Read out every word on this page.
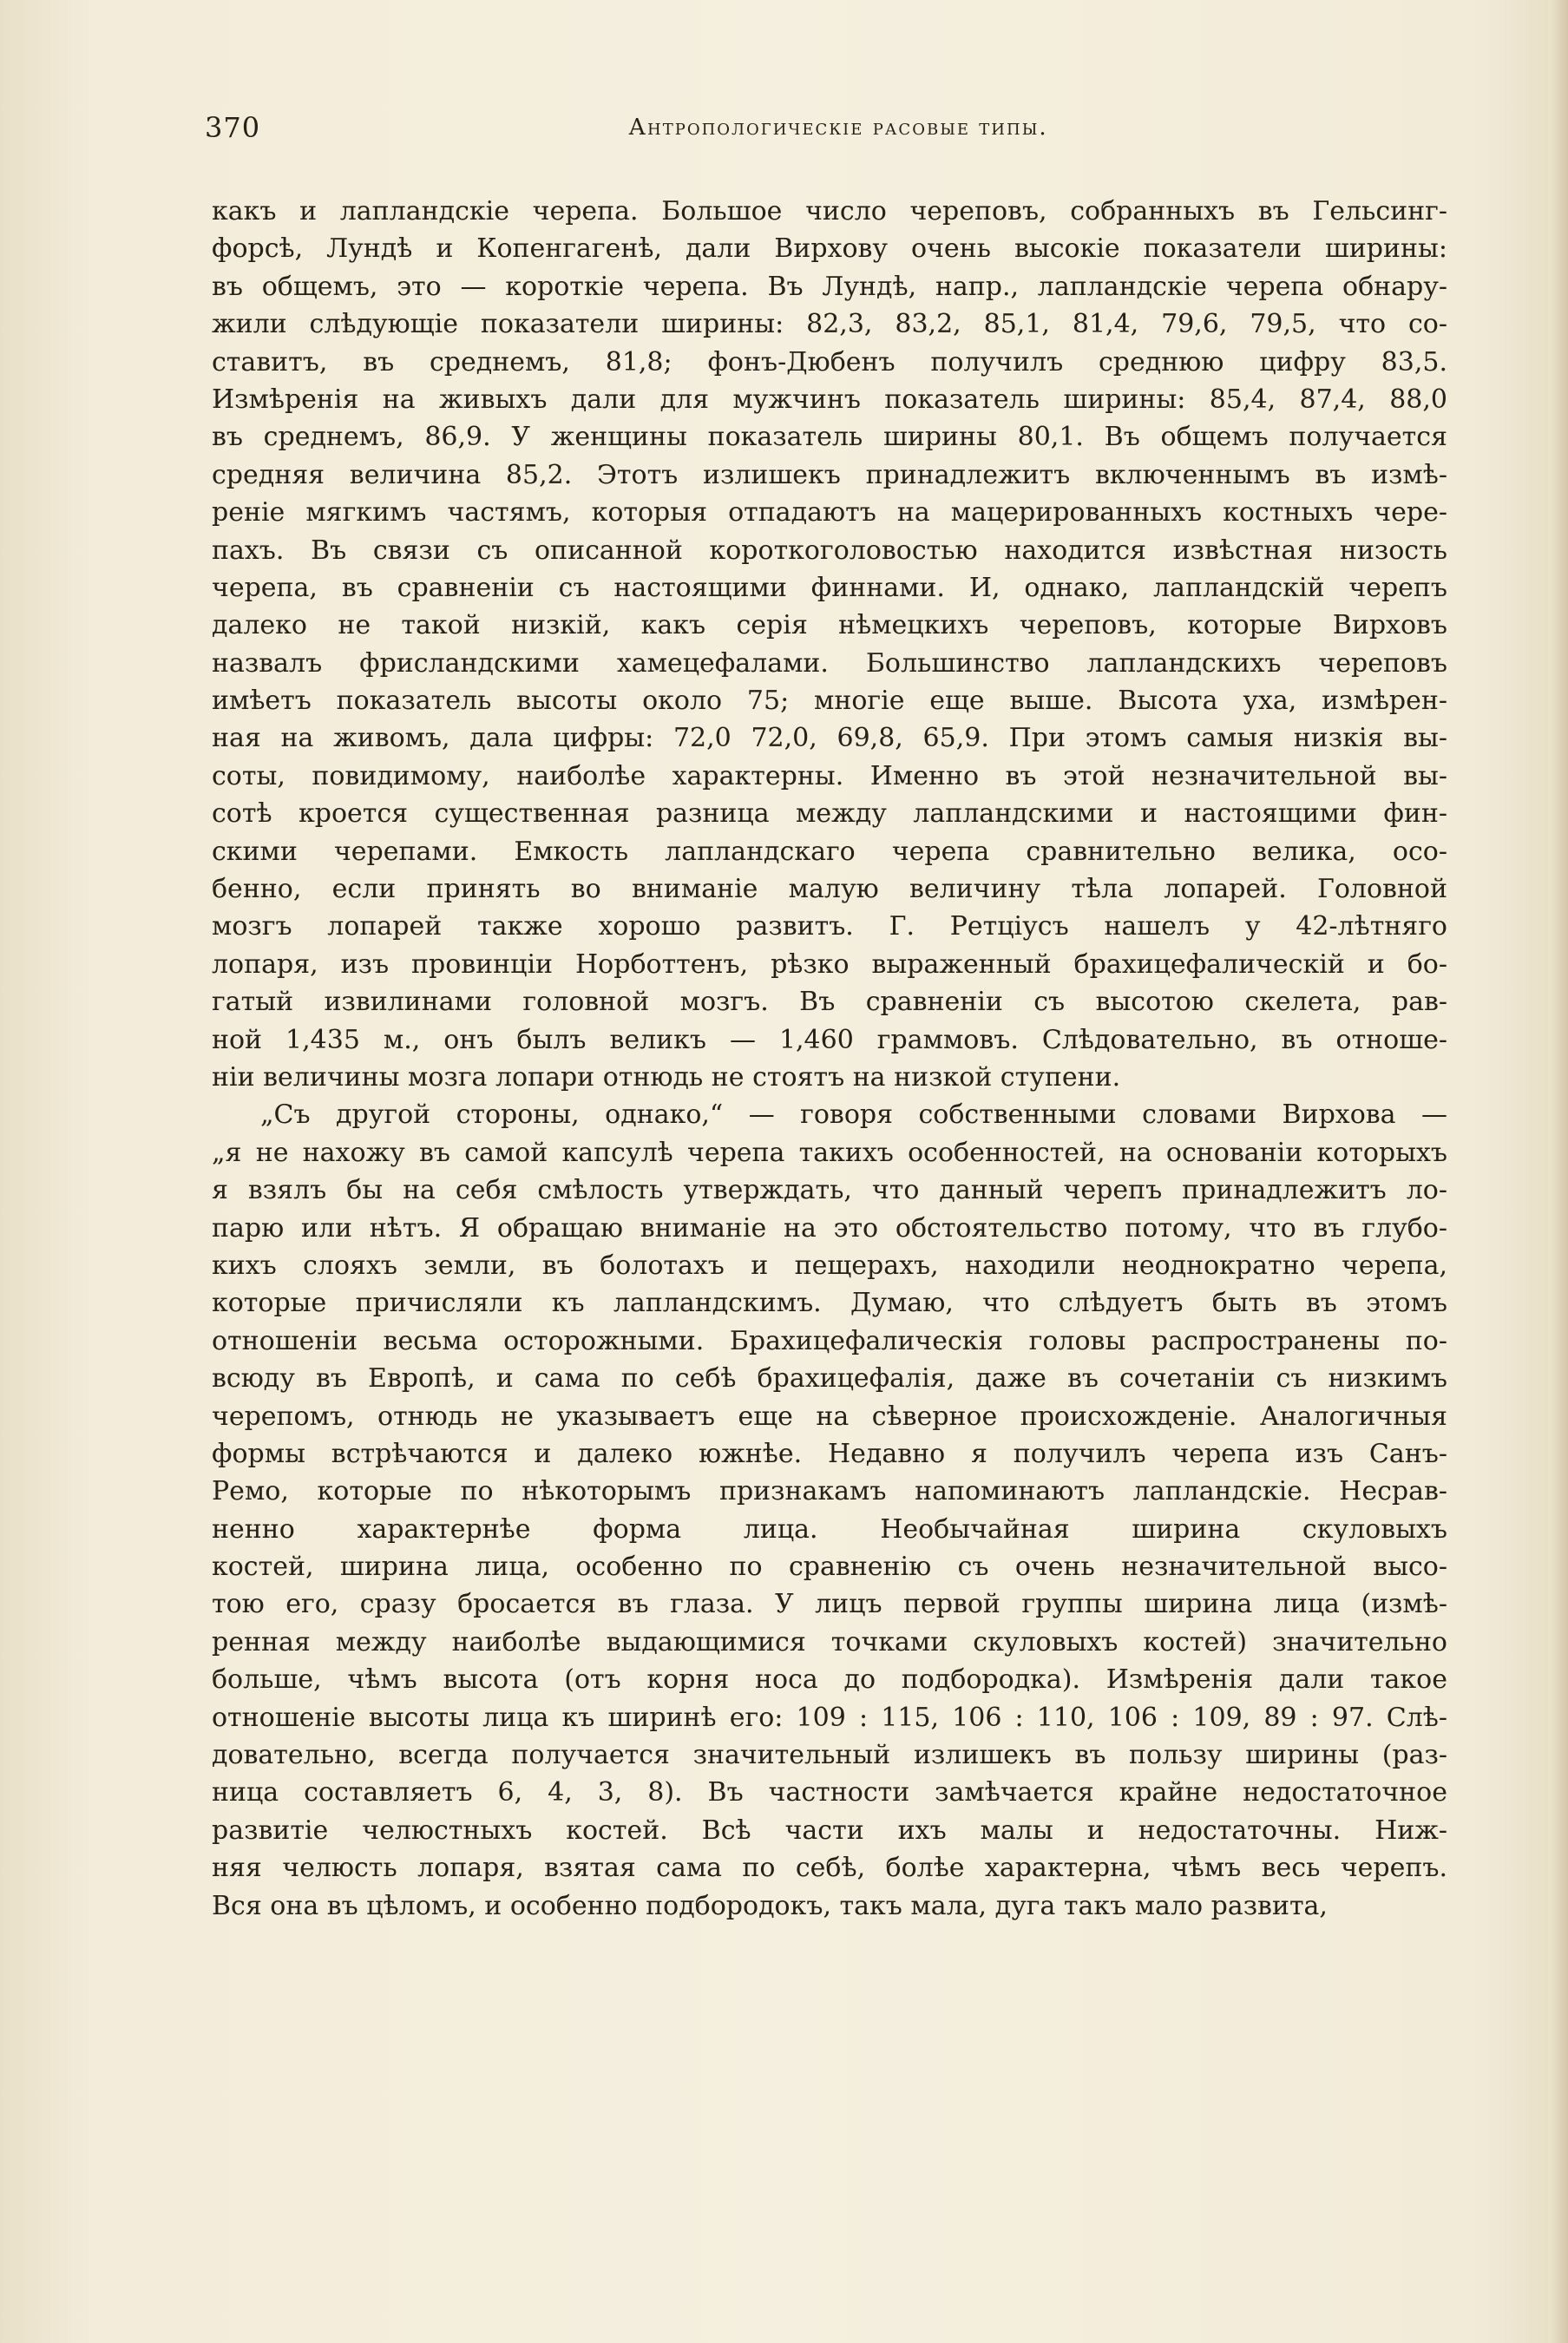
370	Антропологическіе расовые типы.
какъ и лапландскіе черепа. Большое число череповъ, собранныхъ въ Гельсинг-
форсѣ, Лундѣ и Копенгагенѣ, дали Вирхову очень высокіе показатели ширины:
въ общемъ, это — короткіе черепа. Въ Лундѣ, напр., лапландскіе черепа обнару-
жили слѣдующіе показатели ширины: 82,3, 83,2, 85,1, 81,4, 79,6, 79,5, что со-
ставитъ, въ среднемъ, 81,8; фонъ-Дюбенъ получилъ среднюю цифру 83,5.
Измѣренія на живыхъ дали для мужчинъ показатель ширины: 85,4, 87,4, 88,0
въ среднемъ, 86,9. У женщины показатель ширины 80,1. Въ общемъ получается
средняя величина 85,2. Этотъ излишекъ принадлежитъ включеннымъ въ измѣ-
реніе мягкимъ частямъ, которыя отпадаютъ на мацерированныхъ костныхъ чере-
пахъ. Въ связи съ описанной короткоголовостью находится извѣстная низость
черепа, въ сравненіи съ настоящими финнами. И, однако, лапландскій черепъ
далеко не такой низкій, какъ серія нѣмецкихъ череповъ, которые Вирховъ
назвалъ фрисландскими хамецефалами. Большинство лапландскихъ череповъ
имѣетъ показатель высоты около 75; многіе еще выше. Высота уха, измѣрен-
ная на живомъ, дала цифры: 72,0 72,0, 69,8, 65,9. При этомъ самыя низкія вы-
соты, повидимому, наиболѣе характерны. Именно въ этой незначительной вы-
сотѣ кроется существенная разница между лапландскими и настоящими фин-
скими черепами. Емкость лапландскаго черепа сравнительно велика, осо-
бенно, если принять во вниманіе малую величину тѣла лопарей. Головной
мозгъ лопарей также хорошо развитъ. Г. Ретціусъ нашелъ у 42-лѣтняго
лопаря, изъ провинціи Норботтенъ, рѣзко выраженный брахицефалическій и бо-
гатый извилинами головной мозгъ. Въ сравненіи съ высотою скелета, рав-
ной 1,435 м., онъ былъ великъ — 1,460 граммовъ. Слѣдовательно, въ отноше-
ніи величины мозга лопари отнюдь не стоятъ на низкой ступени.
„Съ другой стороны, однако,“ — говоря собственными словами Вирхова —
„я не нахожу въ самой капсулѣ черепа такихъ особенностей, на основаніи которыхъ
я взялъ бы на себя смѣлость утверждать, что данный черепъ принадлежитъ ло-
парю или нѣтъ. Я обращаю вниманіе на это обстоятельство потому, что въ глубо-
кихъ слояхъ земли, въ болотахъ и пещерахъ, находили неоднократно черепа,
которые причисляли къ лапландскимъ. Думаю, что слѣдуетъ быть въ этомъ
отношеніи весьма осторожными. Брахицефалическія головы распространены по-
всюду въ Европѣ, и сама по себѣ брахицефалія, даже въ сочетаніи съ низкимъ
черепомъ, отнюдь не указываетъ еще на сѣверное происхожденіе. Аналогичныя
формы встрѣчаются и далеко южнѣе. Недавно я получилъ черепа изъ Санъ-
Ремо, которые по нѣкоторымъ признакамъ напоминаютъ лапландскіе. Несрав-
ненно характернѣе форма лица. Необычайная ширина скуловыхъ
костей, ширина лица, особенно по сравненію съ очень незначительной высо-
тою его, сразу бросается въ глаза. У лицъ первой группы ширина лица (измѣ-
ренная между наиболѣе выдающимися точками скуловыхъ костей) значительно
больше, чѣмъ высота (отъ корня носа до подбородка). Измѣренія дали такое
отношеніе высоты лица къ ширинѣ его: 109 : 115, 106 : 110, 106 : 109, 89 : 97. Слѣ-
довательно, всегда получается значительный излишекъ въ пользу ширины (раз-
ница составляетъ 6, 4, 3, 8). Въ частности замѣчается крайне недостаточное
развитіе челюстныхъ костей. Всѣ части ихъ малы и недостаточны. Ниж-
няя челюсть лопаря, взятая сама по себѣ, болѣе характерна, чѣмъ весь черепъ.
Вся она въ цѣломъ, и особенно подбородокъ, такъ мала, дуга такъ мало развита,
